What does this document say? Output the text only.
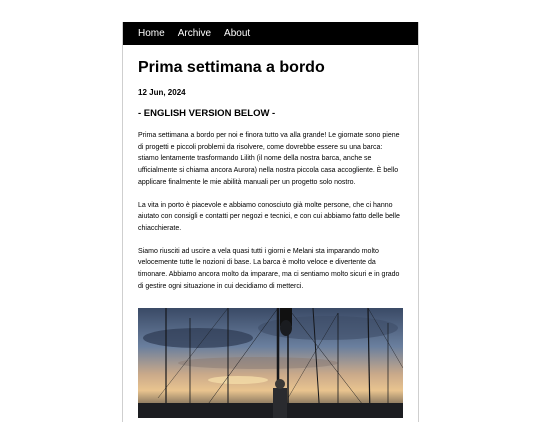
Home Archive About
Prima settimana a bordo
12 Jun, 2024
- ENGLISH VERSION BELOW -

Prima settimana a bordo per noi e finora tutto va alla grande! Le giornate sono piene di progetti e piccoli problemi da risolvere, come dovrebbe essere su una barca: stiamo lentamente trasformando Lilith (il nome della nostra barca, anche se ufficialmente si chiama ancora Aurora) nella nostra piccola casa accogliente. È bello applicare finalmente le mie abilità manuali per un progetto solo nostro.

La vita in porto è piacevole e abbiamo conosciuto già molte persone, che ci hanno aiutato con consigli e contatti per negozi e tecnici, e con cui abbiamo fatto delle belle chiacchierate.

Siamo riusciti ad uscire a vela quasi tutti i giorni e Melani sta imparando molto velocemente tutte le nozioni di base. La barca è molto veloce e divertente da timonare. Abbiamo ancora molto da imparare, ma ci sentiamo molto sicuri e in grado di gestire ogni situazione in cui decidiamo di metterci.
